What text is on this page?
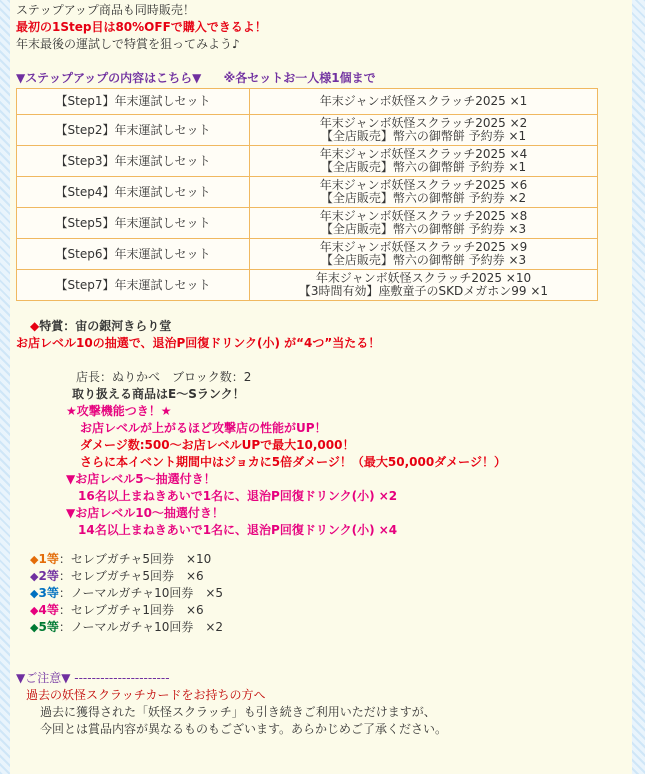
ステップアップ商品も同時販売！
最初の1Step目は80%OFFで購入できるよ！
年末最後の運試しで特賞を狙ってみよう♪
▼ステップアップの内容はこちら▼ ※各セットお一人様1個まで
【Step1】年末運試しセット	年末ジャンボ妖怪スクラッチ2025 ×1

【Step2】年末運試しセット	年末ジャンボ妖怪スクラッチ2025 ×2
【全店販売】幣六の御幣餅 予約券 ×1

【Step3】年末運試しセット	年末ジャンボ妖怪スクラッチ2025 ×4
【全店販売】幣六の御幣餅 予約券 ×1

【Step4】年末運試しセット	年末ジャンボ妖怪スクラッチ2025 ×6
【全店販売】幣六の御幣餅 予約券 ×2

【Step5】年末運試しセット	年末ジャンボ妖怪スクラッチ2025 ×8
【全店販売】幣六の御幣餅 予約券 ×3

【Step6】年末運試しセット	年末ジャンボ妖怪スクラッチ2025 ×9
【全店販売】幣六の御幣餅 予約券 ×3

【Step7】年末運試しセット	年末ジャンボ妖怪スクラッチ2025 ×10
【3時間有効】座敷童子のSKDメガホン99 ×1
◆特賞：宙の銀河きらり堂
お店レベル10の抽選で、退治P回復ドリンク(小) が“4つ”当たる！
店長：ぬりかべ　ブロック数：2
取り扱える商品はE〜Sランク！
★攻撃機能つき！★
お店レベルが上がるほど攻撃店の性能がUP！
ダメージ数:500〜お店レベルUPで最大10,000！
さらに本イベント期間中はジョカに5倍ダメージ！（最大50,000ダメージ！）
▼お店レベル5〜抽選付き！
16名以上まねきあいで1名に、退治P回復ドリンク(小) ×2
▼お店レベル10〜抽選付き！
14名以上まねきあいで1名に、退治P回復ドリンク(小) ×4
◆1等：セレブガチャ5回券　×10
◆2等：セレブガチャ5回券　×6
◆3等：ノーマルガチャ10回券　×5
◆4等：セレブガチャ1回券　×6
◆5等：ノーマルガチャ10回券　×2
▼ご注意▼ ----------------------
過去の妖怪スクラッチカードをお持ちの方へ
過去に獲得された「妖怪スクラッチ」も引き続きご利用いただけますが、
今回とは賞品内容が異なるものもございます。あらかじめご了承ください。
